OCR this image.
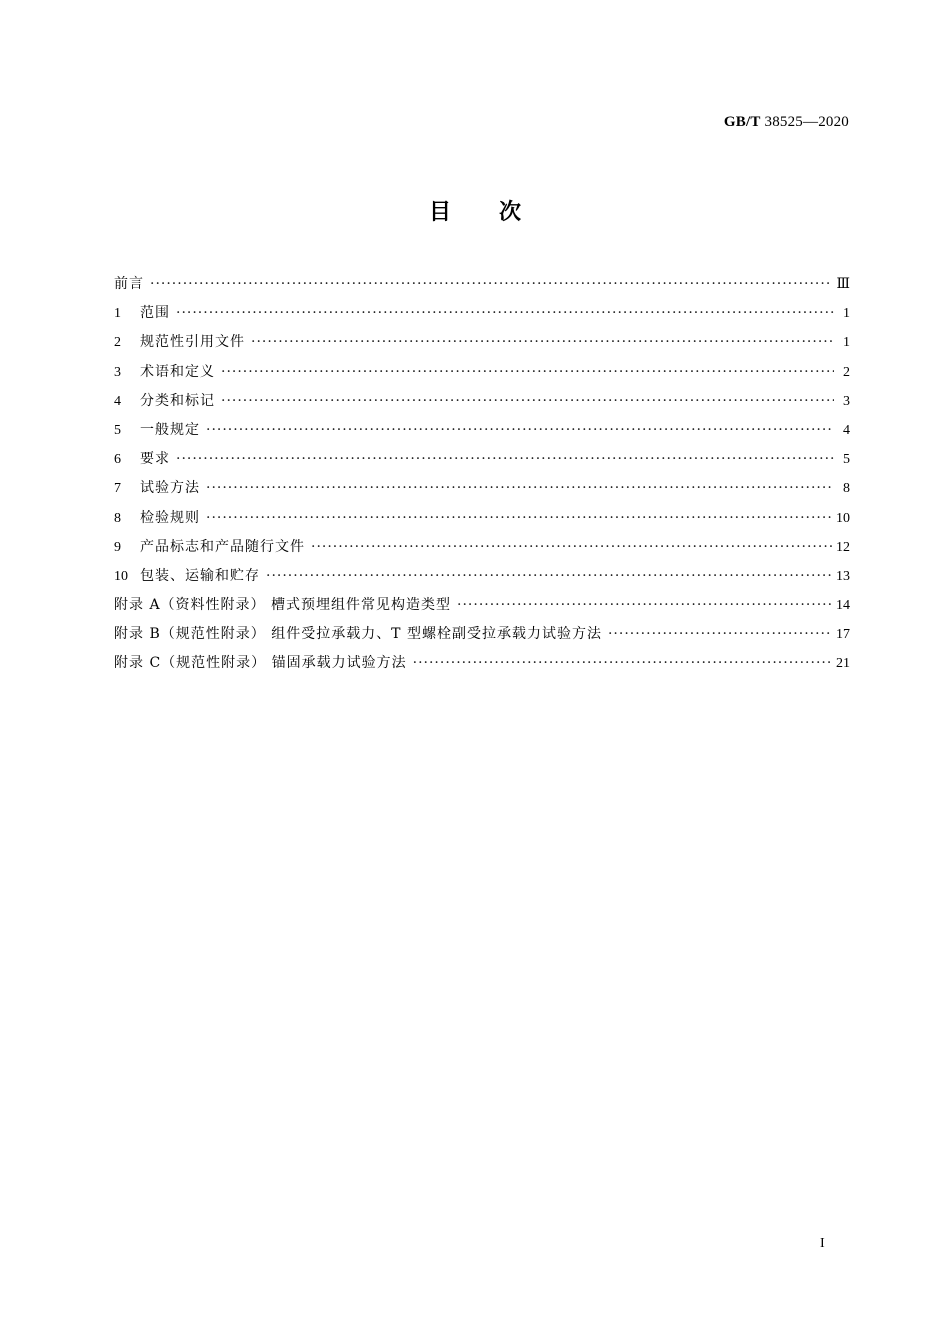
GB/T 38525—2020
目 次
前言 ·····	Ⅲ
1	范围 ·····	1
2	规范性引用文件 ·····	1
3	术语和定义 ·····	2
4	分类和标记 ·····	3
5	一般规定 ·····	4
6	要求 ·····	5
7	试验方法 ·····	8
8	检验规则 ·····	10
9	产品标志和产品随行文件 ·····	12
10 包装、运输和贮存 ·····	13
附录 A（资料性附录） 槽式预埋组件常见构造类型 ·····	14
附录 B（规范性附录） 组件受拉承载力、T 型螺栓副受拉承载力试验方法 ·····	17
附录 C（规范性附录） 锚固承载力试验方法 ·····	21
I
